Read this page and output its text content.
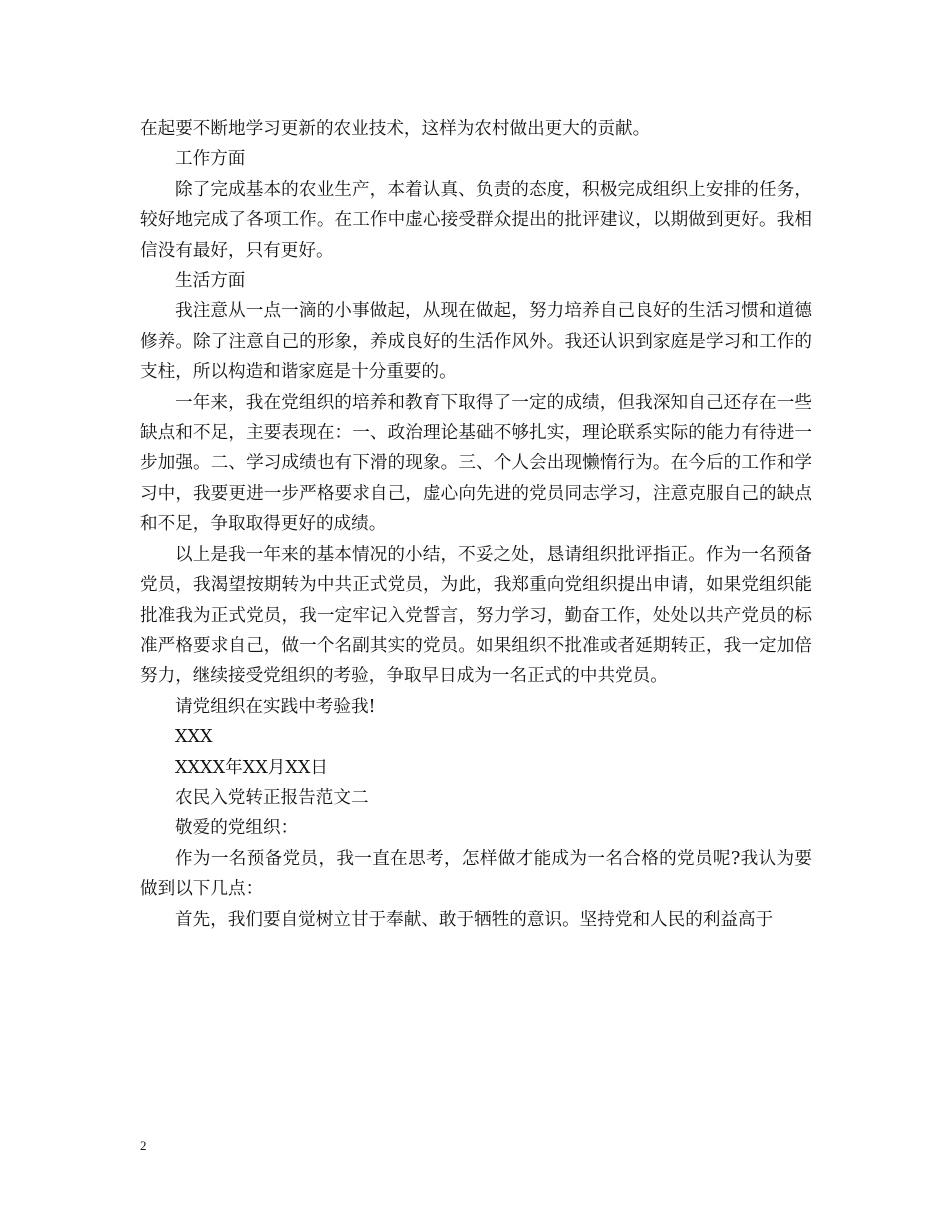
在起要不断地学习更新的农业技术，这样为农村做出更大的贡献。

工作方面

除了完成基本的农业生产，本着认真、负责的态度，积极完成组织上安排的任务，较好地完成了各项工作。在工作中虚心接受群众提出的批评建议，以期做到更好。我相信没有最好，只有更好。

生活方面

我注意从一点一滴的小事做起，从现在做起，努力培养自己良好的生活习惯和道德修养。除了注意自己的形象，养成良好的生活作风外。我还认识到家庭是学习和工作的支柱，所以构造和谐家庭是十分重要的。

一年来，我在党组织的培养和教育下取得了一定的成绩，但我深知自己还存在一些缺点和不足，主要表现在：一、政治理论基础不够扎实，理论联系实际的能力有待进一步加强。二、学习成绩也有下滑的现象。三、个人会出现懒惰行为。在今后的工作和学习中，我要更进一步严格要求自己，虚心向先进的党员同志学习，注意克服自己的缺点和不足，争取取得更好的成绩。

以上是我一年来的基本情况的小结，不妥之处，恳请组织批评指正。作为一名预备党员，我渴望按期转为中共正式党员，为此，我郑重向党组织提出申请，如果党组织能批准我为正式党员，我一定牢记入党誓言，努力学习，勤奋工作，处处以共产党员的标准严格要求自己，做一个名副其实的党员。如果组织不批准或者延期转正，我一定加倍努力，继续接受党组织的考验，争取早日成为一名正式的中共党员。

请党组织在实践中考验我!

XXX

XXXX年XX月XX日

农民入党转正报告范文二

敬爱的党组织：

作为一名预备党员，我一直在思考，怎样做才能成为一名合格的党员呢?我认为要做到以下几点：

首先，我们要自觉树立甘于奉献、敢于牺牲的意识。坚持党和人民的利益高于

2
